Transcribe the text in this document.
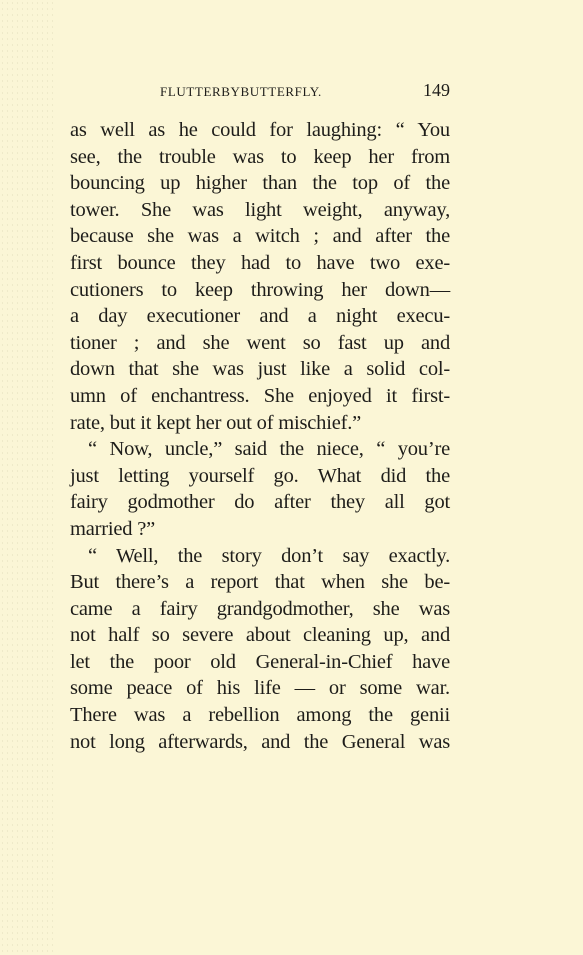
FLUTTERBYBUTTERFLY.	149
as well as he could for laughing: “ You
see, the trouble was to keep her from
bouncing up higher than the top of the
tower. She was light weight, anyway,
because she was a witch ; and after the
first bounce they had to have two exe-
cutioners to keep throwing her down—
a day executioner and a night execu-
tioner ; and she went so fast up and
down that she was just like a solid col-
umn of enchantress. She enjoyed it first-
rate, but it kept her out of mischief.”
“ Now, uncle,” said the niece, “ you’re
just letting yourself go. What did the
fairy godmother do after they all got
married ?”
“ Well, the story don’t say exactly.
But there’s a report that when she be-
came a fairy grandgodmother, she was
not half so severe about cleaning up, and
let the poor old General-in-Chief have
some peace of his life — or some war.
There was a rebellion among the genii
not long afterwards, and the General was
